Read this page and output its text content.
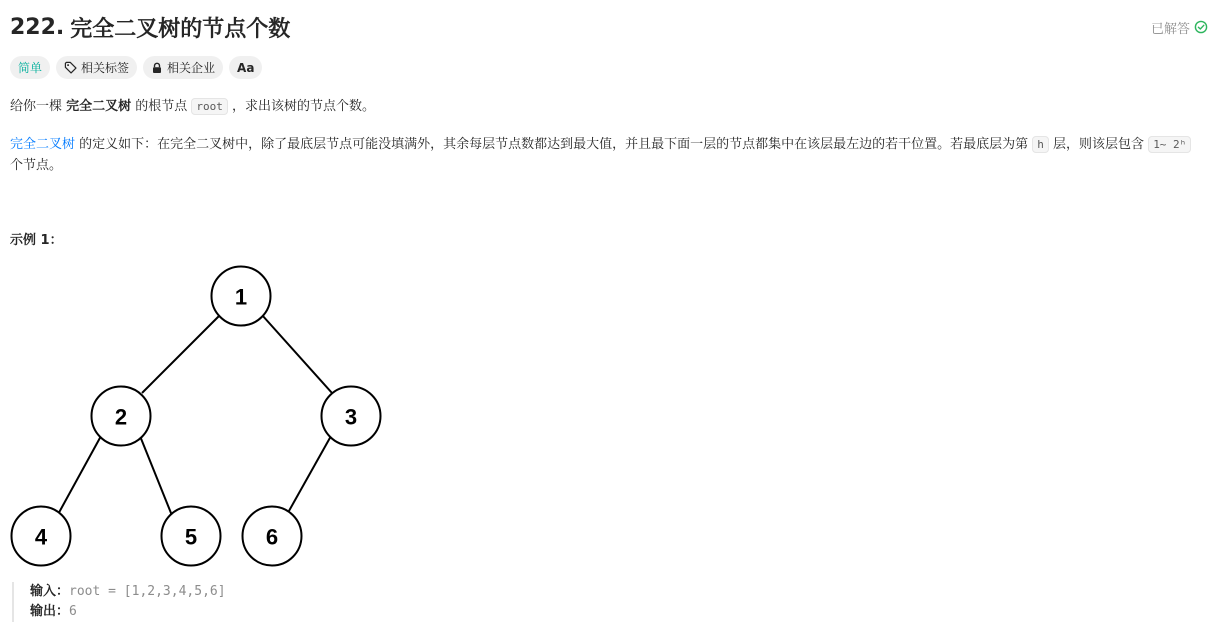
222. 完全二叉树的节点个数	已解答
简单	相关标签	相关企业 Aa

给你一棵 完全二叉树 的根节点 root ，求出该树的节点个数。

完全二叉树 的定义如下：在完全二叉树中，除了最底层节点可能没填满外，其余每层节点数都达到最大值，并且最下面一层的节点都集中在该层最左边的若干位置。若最底层为第 h 层，则该层包含 1~ 2ʰ 个节点。

示例 1：
1
2	3
4	5	6
输入：root = [1,2,3,4,5,6]
输出：6
